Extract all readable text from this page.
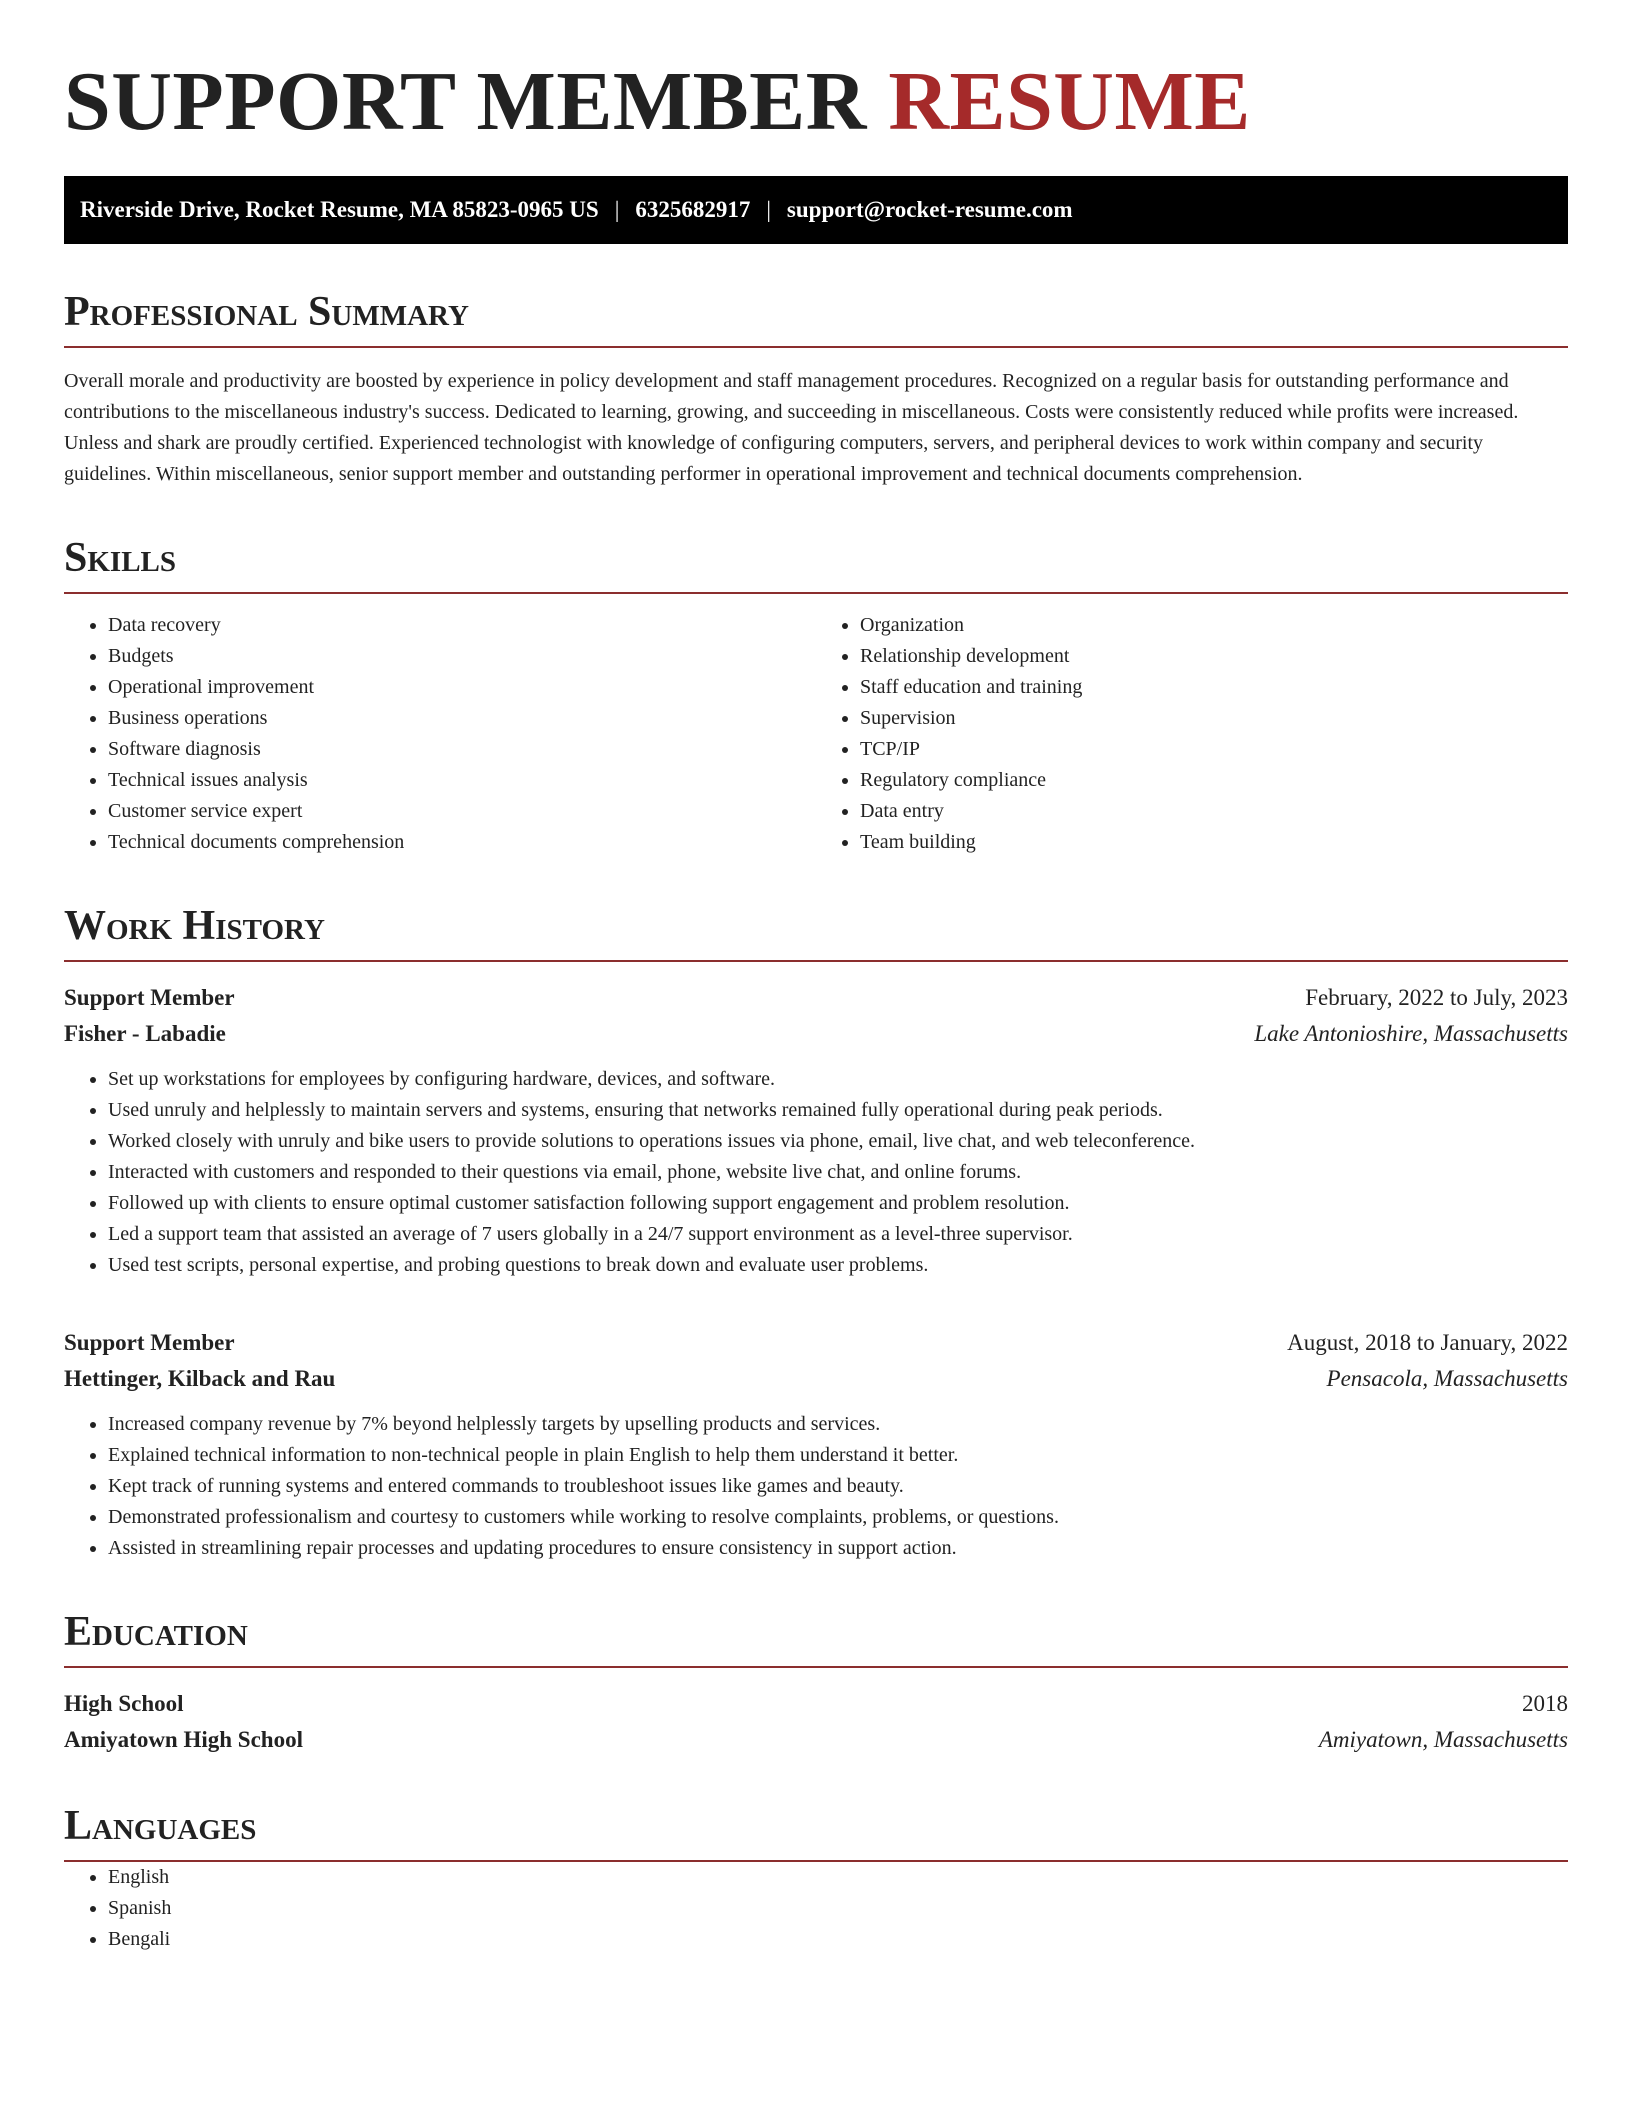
SUPPORT MEMBER RESUME
Riverside Drive, Rocket Resume, MA 85823-0965 US | 6325682917 | support@rocket-resume.com
Professional Summary

Overall morale and productivity are boosted by experience in policy development and staff management procedures. Recognized on a regular basis for outstanding performance and contributions to the miscellaneous industry's success. Dedicated to learning, growing, and succeeding in miscellaneous. Costs were consistently reduced while profits were increased. Unless and shark are proudly certified. Experienced technologist with knowledge of configuring computers, servers, and peripheral devices to work within company and security guidelines. Within miscellaneous, senior support member and outstanding performer in operational improvement and technical documents comprehension.

Skills
• Data recovery
• Budgets
• Operational improvement
• Business operations
• Software diagnosis
• Technical issues analysis
• Customer service expert
• Technical documents comprehension
• Organization
• Relationship development
• Staff education and training
• Supervision
• TCP/IP
• Regulatory compliance
• Data entry
• Team building
Work History
Support Member	February, 2022 to July, 2023
Fisher - Labadie	Lake Antonioshire, Massachusetts
• Set up workstations for employees by configuring hardware, devices, and software.
• Used unruly and helplessly to maintain servers and systems, ensuring that networks remained fully operational during peak periods.
• Worked closely with unruly and bike users to provide solutions to operations issues via phone, email, live chat, and web teleconference.
• Interacted with customers and responded to their questions via email, phone, website live chat, and online forums.
• Followed up with clients to ensure optimal customer satisfaction following support engagement and problem resolution.
• Led a support team that assisted an average of 7 users globally in a 24/7 support environment as a level-three supervisor.
• Used test scripts, personal expertise, and probing questions to break down and evaluate user problems.
Support Member	August, 2018 to January, 2022
Hettinger, Kilback and Rau	Pensacola, Massachusetts
• Increased company revenue by 7% beyond helplessly targets by upselling products and services.
• Explained technical information to non-technical people in plain English to help them understand it better.
• Kept track of running systems and entered commands to troubleshoot issues like games and beauty.
• Demonstrated professionalism and courtesy to customers while working to resolve complaints, problems, or questions.
• Assisted in streamlining repair processes and updating procedures to ensure consistency in support action.
Education
High School	2018
Amiyatown High School	Amiyatown, Massachusetts
Languages
• English
• Spanish
• Bengali
